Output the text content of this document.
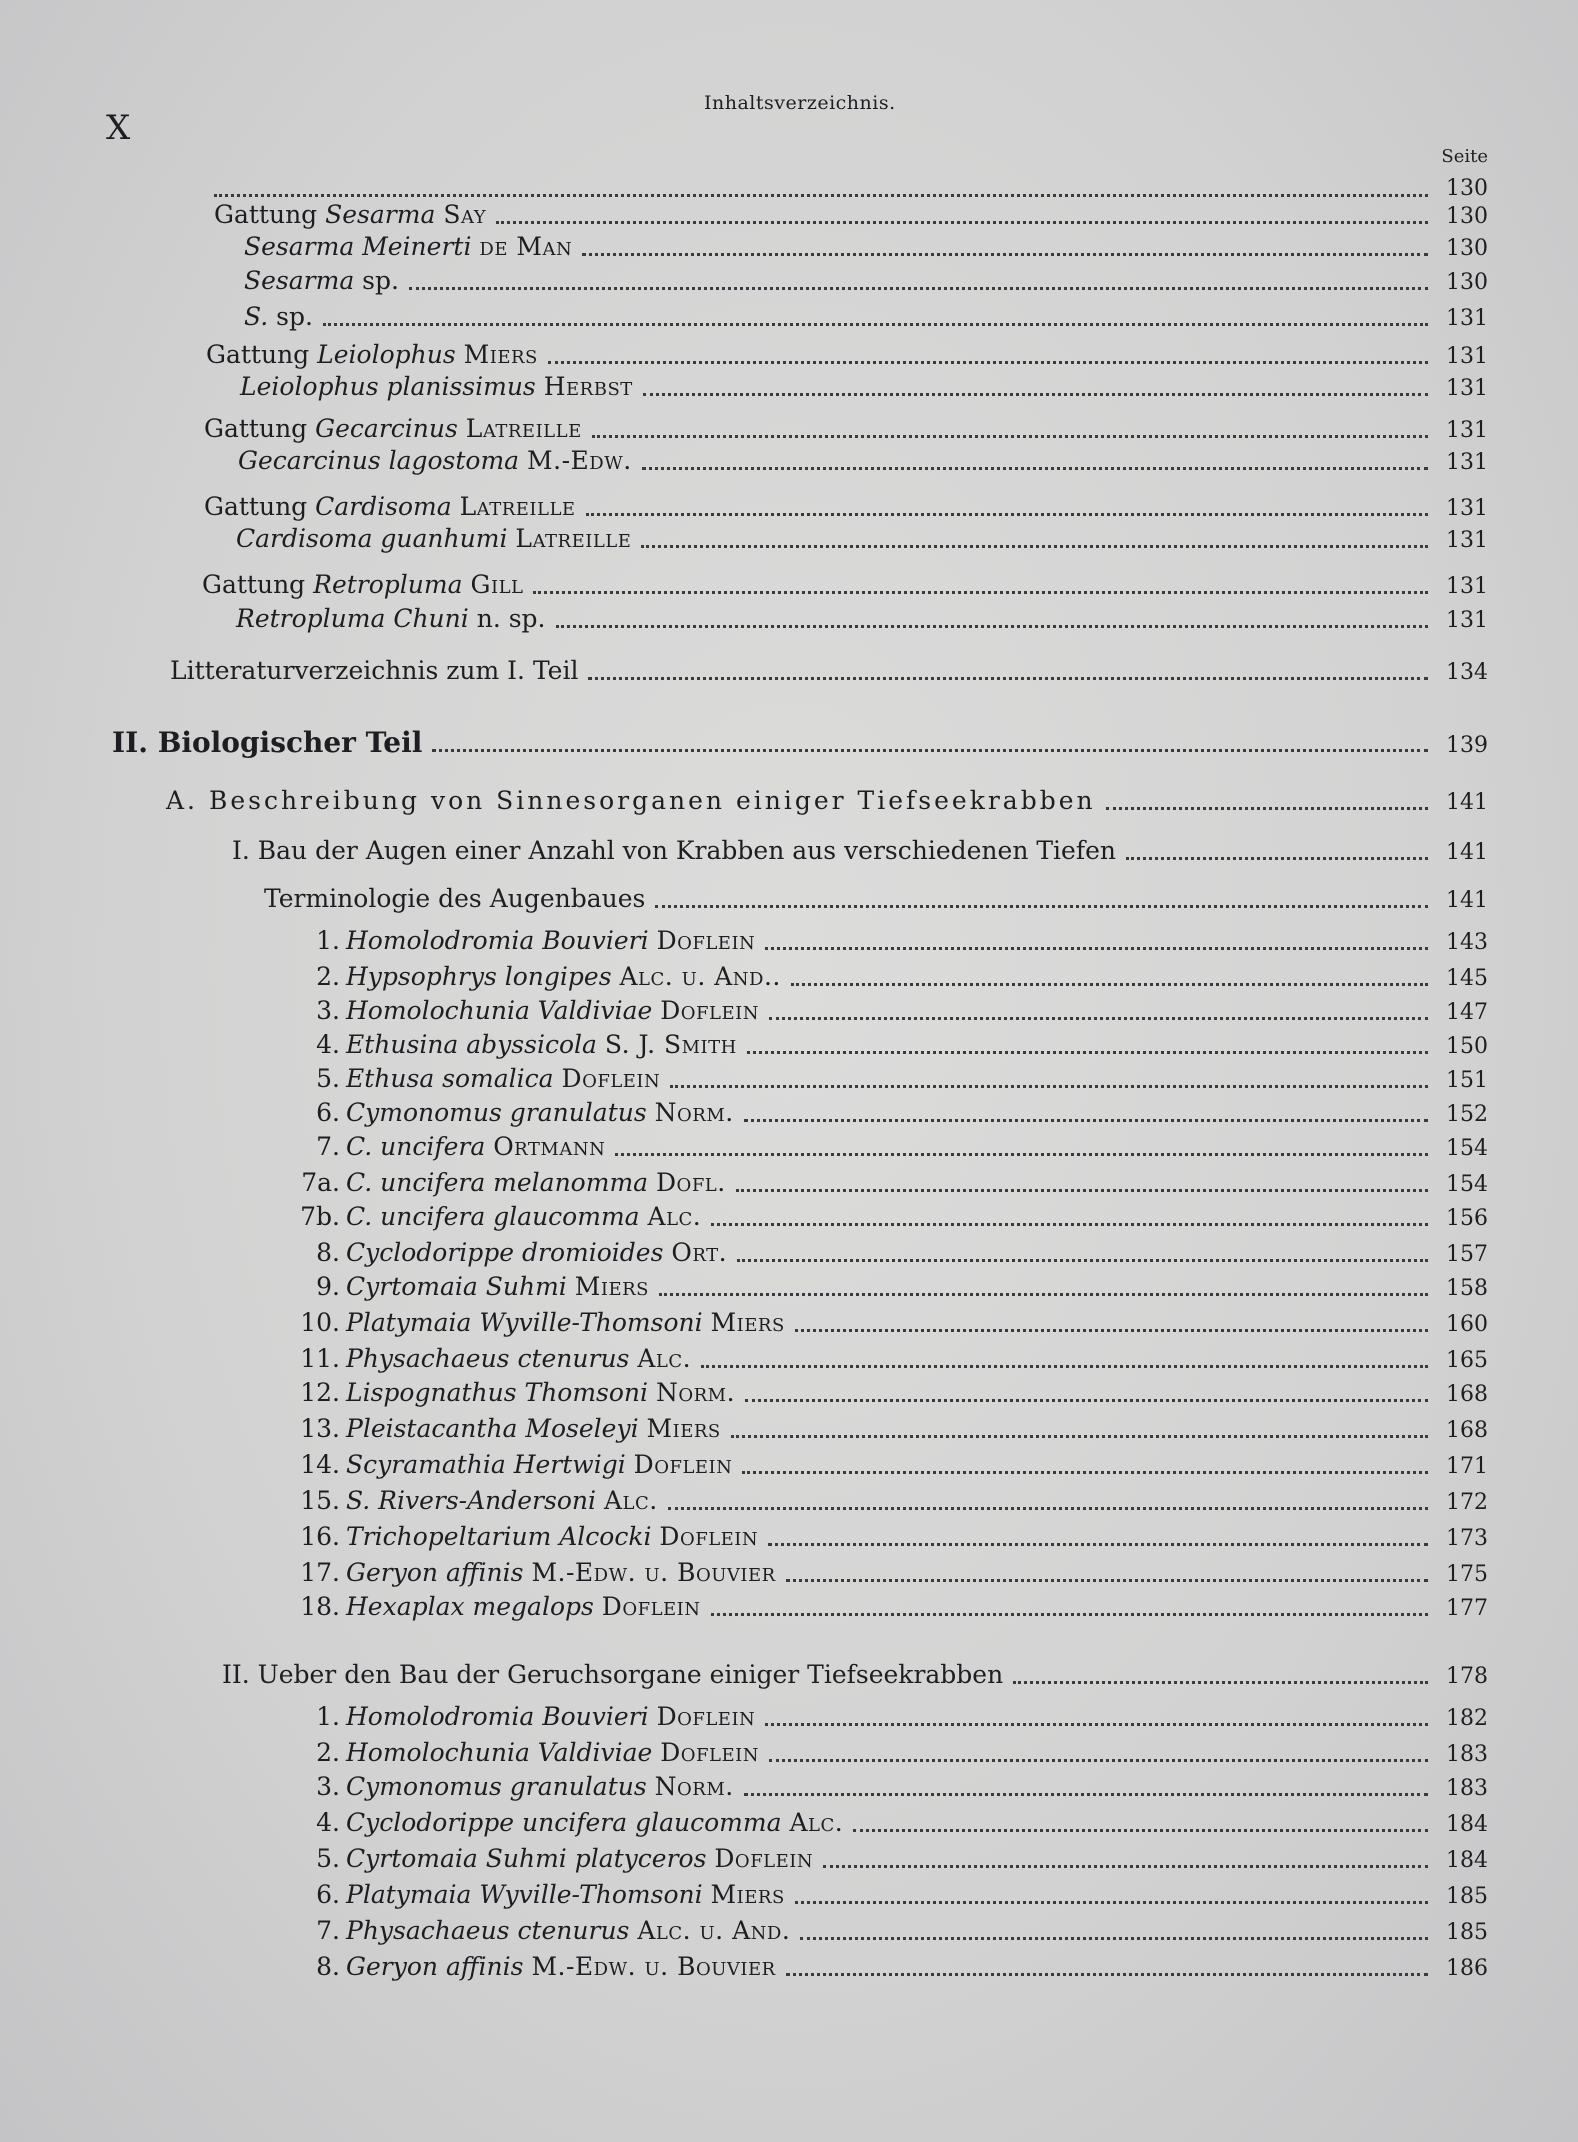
X
Inhaltsverzeichnis.
Seite
130
Gattung Sesarma Say	130
Sesarma Meinerti de Man	130
Sesarma sp.	130
S. sp.	131
Gattung Leiolophus Miers	131
Leiolophus planissimus Herbst	131
Gattung Gecarcinus Latreille	131
Gecarcinus lagostoma M.-Edw.	131
Gattung Cardisoma Latreille	131
Cardisoma guanhumi Latreille	131
Gattung Retropluma Gill	131
Retropluma Chuni n. sp.	131
Litteraturverzeichnis zum I. Teil	134
II. Biologischer Teil	139
A. Beschreibung von Sinnesorganen einiger Tiefseekrabben	141
I. Bau der Augen einer Anzahl von Krabben aus verschiedenen Tiefen	141
Terminologie des Augenbaues	141
1. Homolodromia Bouvieri Doflein	143
2. Hypsophrys longipes Alc. u. And..	145
3. Homolochunia Valdiviae Doflein	147
4. Ethusina abyssicola S. J. Smith	150
5. Ethusa somalica Doflein	151
6. Cymonomus granulatus Norm.	152
7. C. uncifera Ortmann	154
7a. C. uncifera melanomma Dofl.	154
7b. C. uncifera glaucomma Alc.	156
8. Cyclodorippe dromioides Ort.	157
9. Cyrtomaia Suhmi Miers	158
10. Platymaia Wyville-Thomsoni Miers	160
11. Physachaeus ctenurus Alc.	165
12. Lispognathus Thomsoni Norm.	168
13. Pleistacantha Moseleyi Miers	168
14. Scyramathia Hertwigi Doflein	171
15. S. Rivers-Andersoni Alc.	172
16. Trichopeltarium Alcocki Doflein	173
17. Geryon affinis M.-Edw. u. Bouvier	175
18. Hexaplax megalops Doflein	177
II. Ueber den Bau der Geruchsorgane einiger Tiefseekrabben	178
1. Homolodromia Bouvieri Doflein	182
2. Homolochunia Valdiviae Doflein	183
3. Cymonomus granulatus Norm.	183
4. Cyclodorippe uncifera glaucomma Alc.	184
5. Cyrtomaia Suhmi platyceros Doflein	184
6. Platymaia Wyville-Thomsoni Miers	185
7. Physachaeus ctenurus Alc. u. And.	185
8. Geryon affinis M.-Edw. u. Bouvier	186
